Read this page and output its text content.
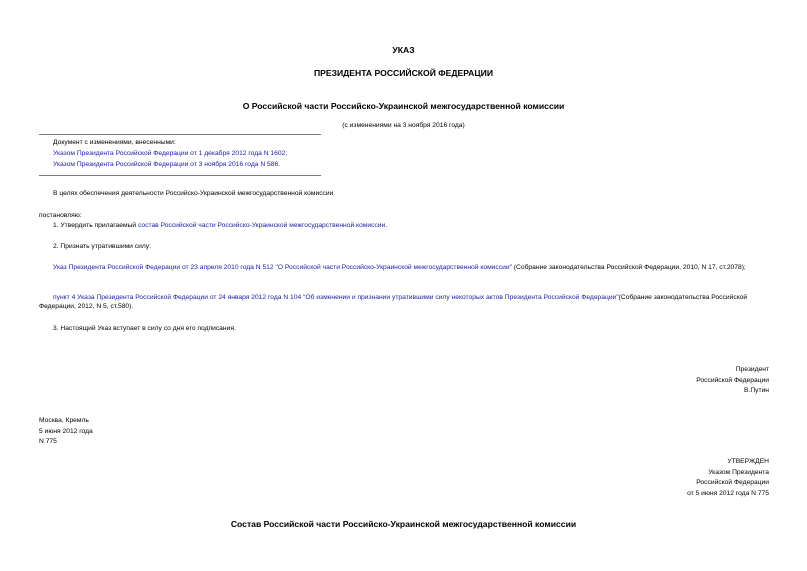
УКАЗ
ПРЕЗИДЕНТА РОССИЙСКОЙ ФЕДЕРАЦИИ
О Российской части Российско-Украинской межгосударственной комиссии
(с изменениями на 3 ноября 2016 года)
Документ с изменениями, внесенными:
Указом Президента Российской Федерации от 1 декабря 2012 года N 1602;
Указом Президента Российской Федерации от 3 ноября 2016 года N 586.
В целях обеспечения деятельности Российско-Украинской межгосударственной комиссии
постановляю:
1. Утвердить прилагаемый состав Российской части Российско-Украинской межгосударственной комиссии.
2. Признать утратившими силу:
Указ Президента Российской Федерации от 23 апреля 2010 года N 512 "О Российской части Российско-Украинской межгосударственной комиссии" (Собрание законодательства Российской Федерации, 2010, N 17, ст.2078);
пункт 4 Указа Президента Российской Федерации от 24 января 2012 года N 104 "Об изменении и признании утратившими силу некоторых актов Президента Российской Федерации"(Собрание законодательства Российской Федерации, 2012, N 5, ст.580).
3. Настоящий Указ вступает в силу со дня его подписания.
Президент
Российской Федерации
В.Путин
Москва, Кремль
5 июня 2012 года
N 775
УТВЕРЖДЕН
Указом Президента
Российской Федерации
от 5 июня 2012 года N 775
Состав Российской части Российско-Украинской межгосударственной комиссии
